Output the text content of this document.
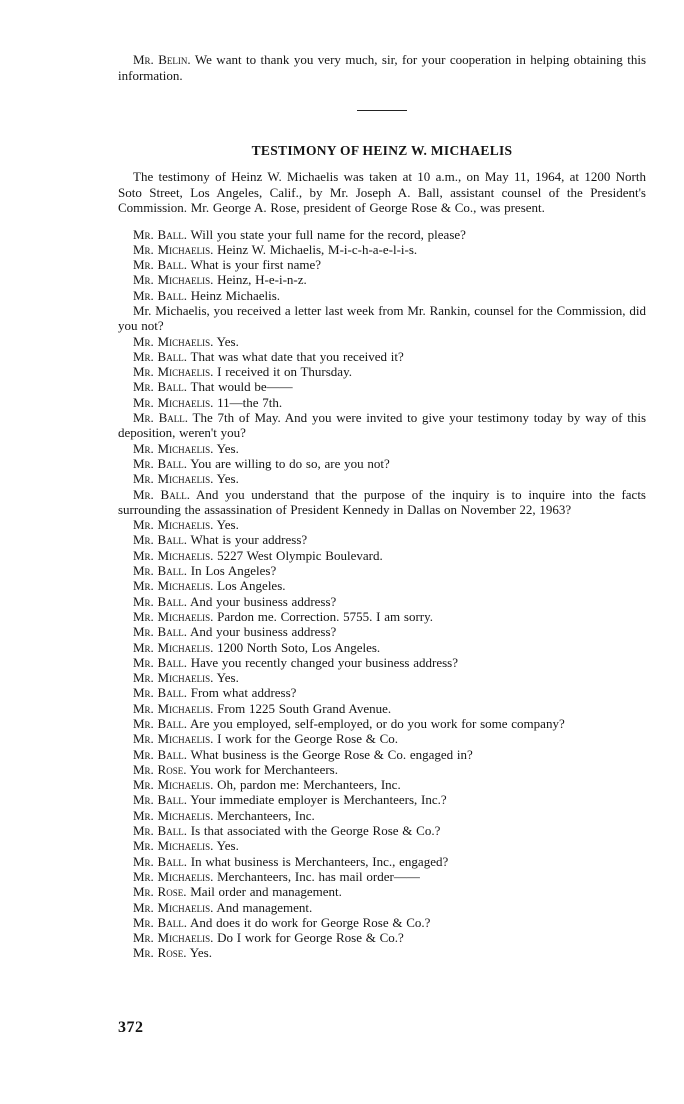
Mr. Belin. We want to thank you very much, sir, for your cooperation in helping obtaining this information.

TESTIMONY OF HEINZ W. MICHAELIS

The testimony of Heinz W. Michaelis was taken at 10 a.m., on May 11, 1964, at 1200 North Soto Street, Los Angeles, Calif., by Mr. Joseph A. Ball, assistant counsel of the President's Commission. Mr. George A. Rose, president of George Rose & Co., was present.

Mr. Ball. Will you state your full name for the record, please?

Mr. Michaelis. Heinz W. Michaelis, M-i-c-h-a-e-l-i-s.

Mr. Ball. What is your first name?

Mr. Michaelis. Heinz, H-e-i-n-z.

Mr. Ball. Heinz Michaelis.

Mr. Michaelis, you received a letter last week from Mr. Rankin, counsel for the Commission, did you not?

Mr. Michaelis. Yes.

Mr. Ball. That was what date that you received it?

Mr. Michaelis. I received it on Thursday.

Mr. Ball. That would be——

Mr. Michaelis. 11—the 7th.

Mr. Ball. The 7th of May. And you were invited to give your testimony today by way of this deposition, weren't you?

Mr. Michaelis. Yes.

Mr. Ball. You are willing to do so, are you not?

Mr. Michaelis. Yes.

Mr. Ball. And you understand that the purpose of the inquiry is to inquire into the facts surrounding the assassination of President Kennedy in Dallas on November 22, 1963?

Mr. Michaelis. Yes.

Mr. Ball. What is your address?

Mr. Michaelis. 5227 West Olympic Boulevard.

Mr. Ball. In Los Angeles?

Mr. Michaelis. Los Angeles.

Mr. Ball. And your business address?

Mr. Michaelis. Pardon me. Correction. 5755. I am sorry.

Mr. Ball. And your business address?

Mr. Michaelis. 1200 North Soto, Los Angeles.

Mr. Ball. Have you recently changed your business address?

Mr. Michaelis. Yes.

Mr. Ball. From what address?

Mr. Michaelis. From 1225 South Grand Avenue.

Mr. Ball. Are you employed, self-employed, or do you work for some company?

Mr. Michaelis. I work for the George Rose & Co.

Mr. Ball. What business is the George Rose & Co. engaged in?

Mr. Rose. You work for Merchanteers.

Mr. Michaelis. Oh, pardon me: Merchanteers, Inc.

Mr. Ball. Your immediate employer is Merchanteers, Inc.?

Mr. Michaelis. Merchanteers, Inc.

Mr. Ball. Is that associated with the George Rose & Co.?

Mr. Michaelis. Yes.

Mr. Ball. In what business is Merchanteers, Inc., engaged?

Mr. Michaelis. Merchanteers, Inc. has mail order——

Mr. Rose. Mail order and management.

Mr. Michaelis. And management.

Mr. Ball. And does it do work for George Rose & Co.?

Mr. Michaelis. Do I work for George Rose & Co.?

Mr. Rose. Yes.

372
